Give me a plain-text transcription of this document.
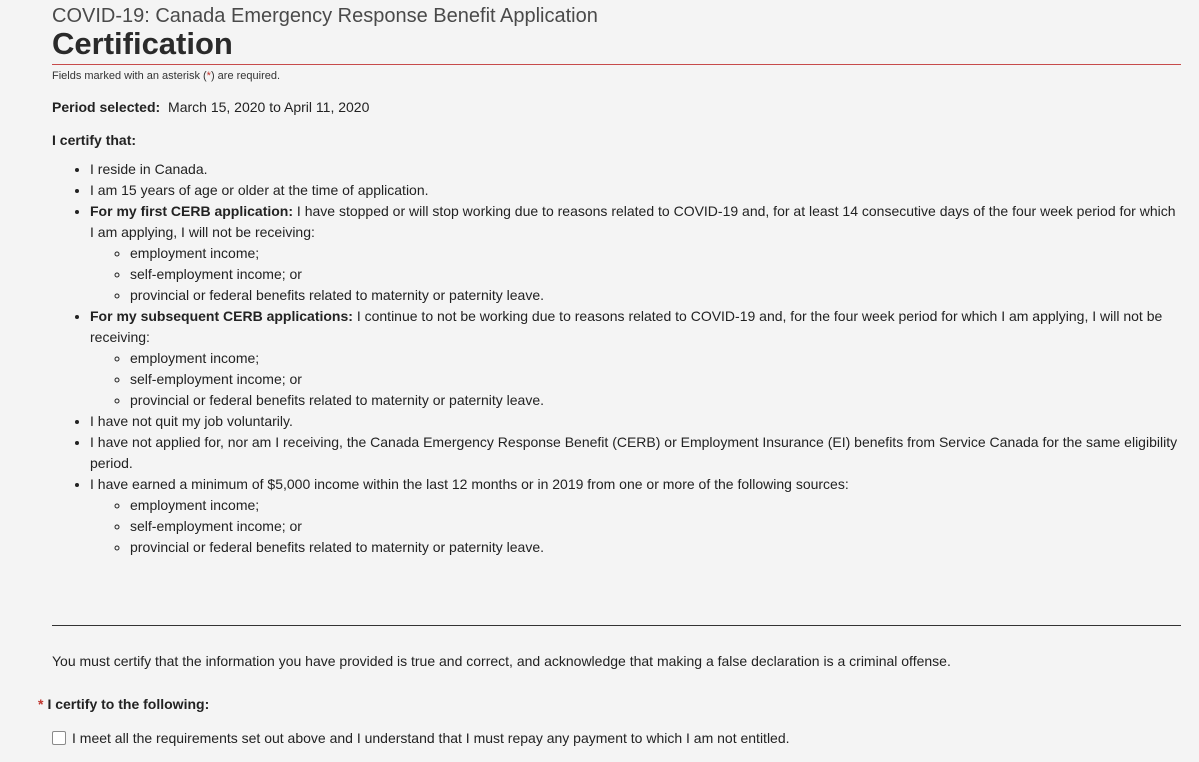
COVID-19: Canada Emergency Response Benefit Application

Certification

Fields marked with an asterisk (*) are required.

Period selected: March 15, 2020 to April 11, 2020

I certify that:

• I reside in Canada.
• I am 15 years of age or older at the time of application.
• For my first CERB application: I have stopped or will stop working due to reasons related to COVID-19 and, for at least 14 consecutive days of the four week period for which I am applying, I will not be receiving:
◦ employment income;
◦ self-employment income; or
◦ provincial or federal benefits related to maternity or paternity leave.
• For my subsequent CERB applications: I continue to not be working due to reasons related to COVID-19 and, for the four week period for which I am applying, I will not be receiving:
◦ employment income;
◦ self-employment income; or
◦ provincial or federal benefits related to maternity or paternity leave.
• I have not quit my job voluntarily.
• I have not applied for, nor am I receiving, the Canada Emergency Response Benefit (CERB) or Employment Insurance (EI) benefits from Service Canada for the same eligibility period.
• I have earned a minimum of $5,000 income within the last 12 months or in 2019 from one or more of the following sources:
◦ employment income;
◦ self-employment income; or
◦ provincial or federal benefits related to maternity or paternity leave.
You must certify that the information you have provided is true and correct, and acknowledge that making a false declaration is a criminal offense.
* I certify to the following:
I meet all the requirements set out above and I understand that I must repay any payment to which I am not entitled.
